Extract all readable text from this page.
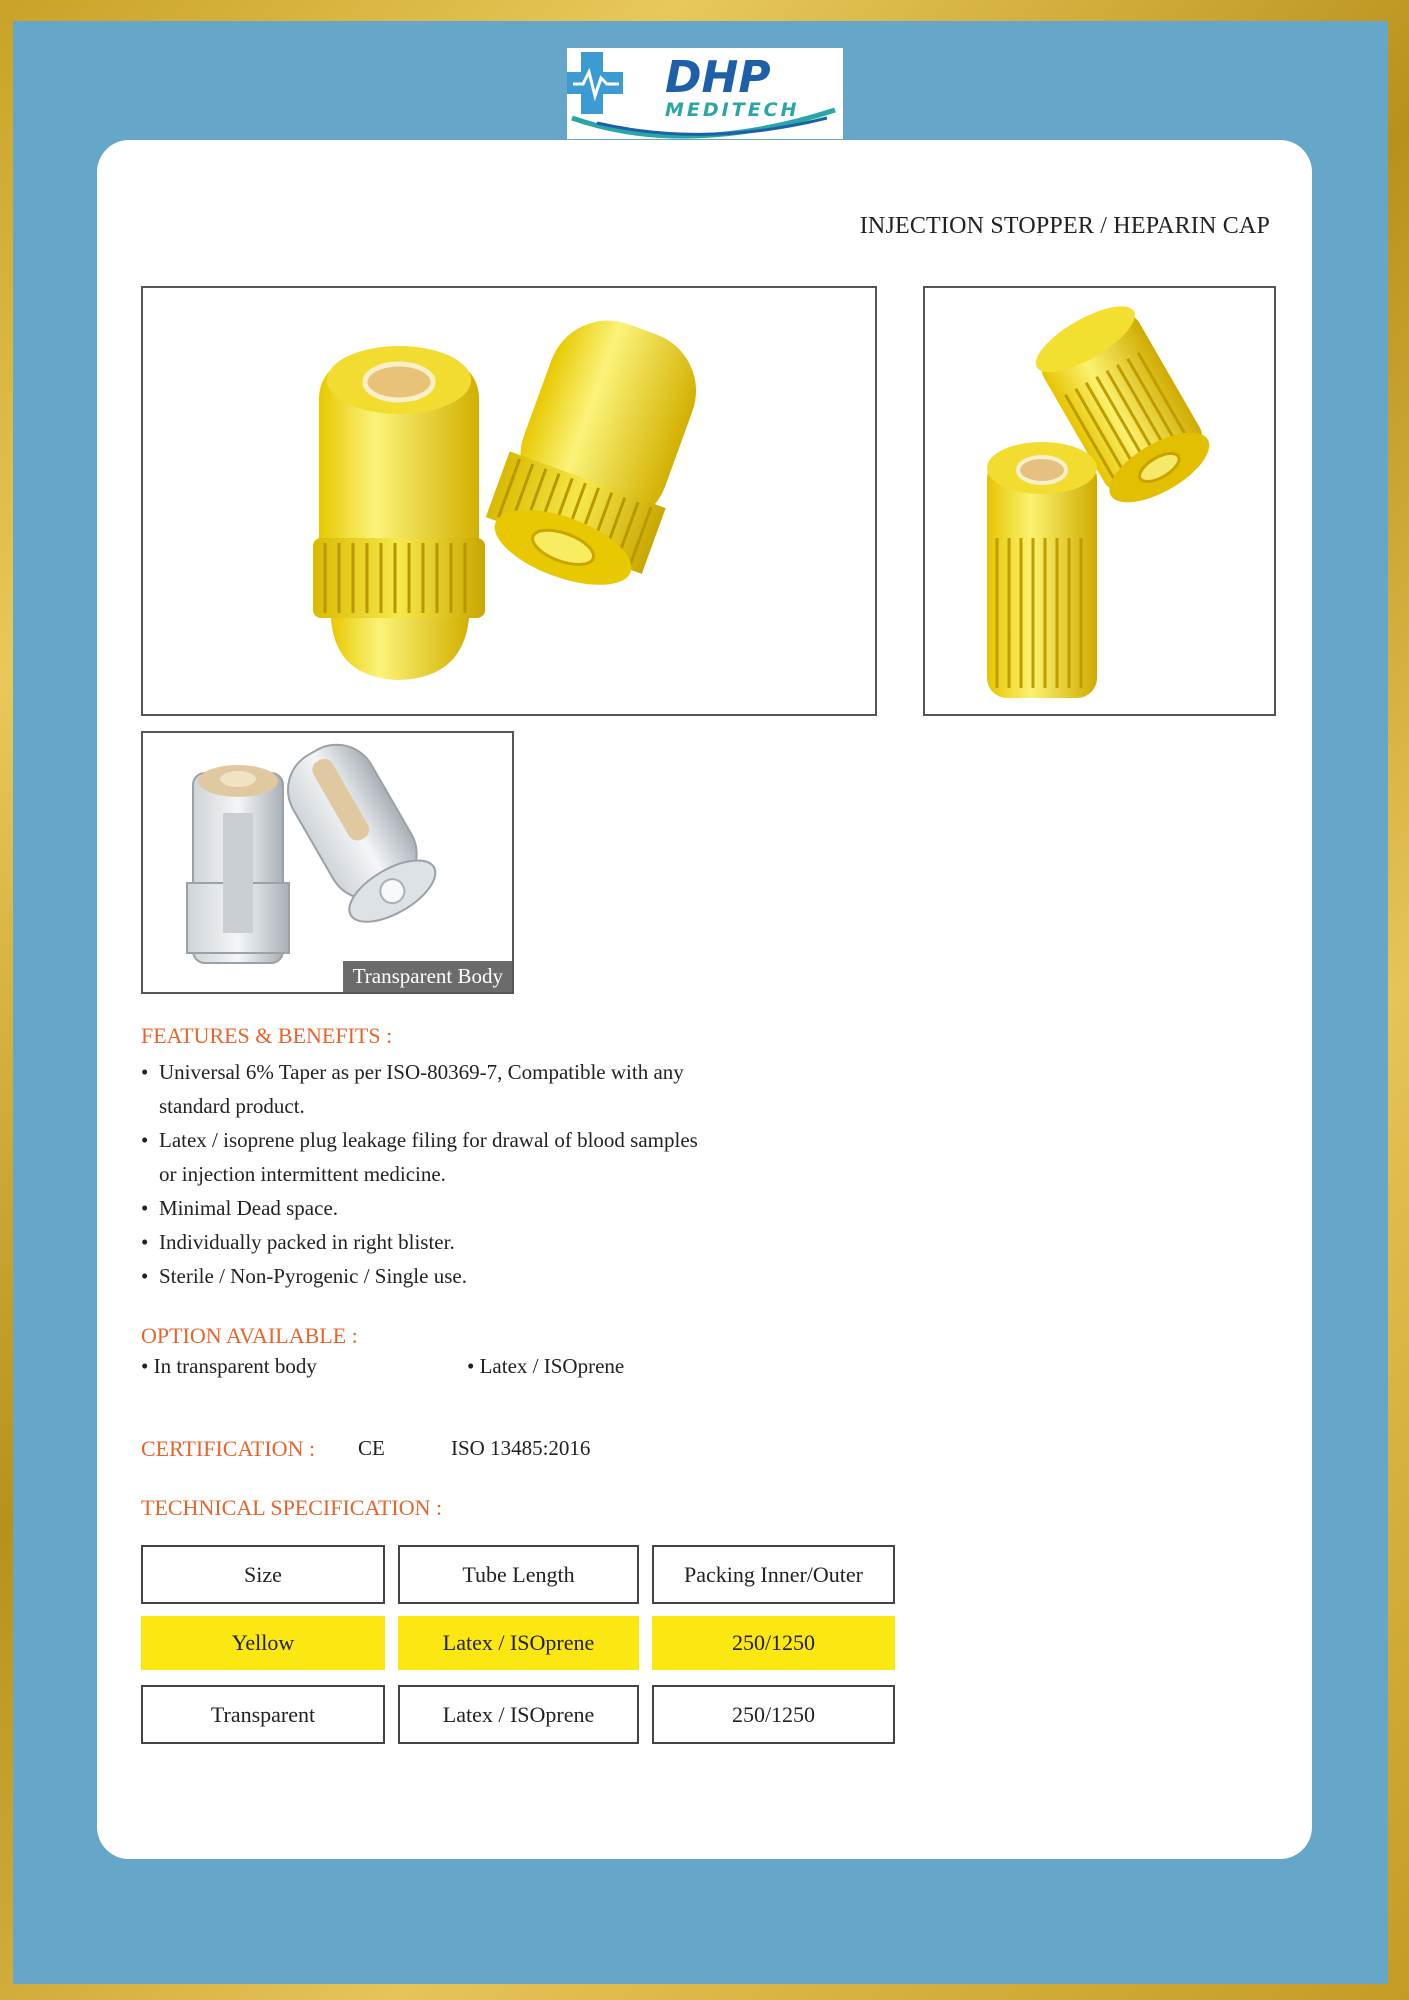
DHP
MEDITECH
INJECTION STOPPER / HEPARIN CAP
Transparent Body
FEATURES & BENEFITS :
• Universal 6% Taper as per ISO-80369-7, Compatible with any
standard product.
• Latex / isoprene plug leakage filing for drawal of blood samples
or injection intermittent medicine.
• Minimal Dead space.
• Individually packed in right blister.
• Sterile / Non-Pyrogenic / Single use.
OPTION AVAILABLE :
• In transparent body
•	Latex / ISOprene
CERTIFICATION : CE	ISO 13485:2016
TECHNICAL SPECIFICATION :
Size	Tube Length	Packing Inner/Outer
Yellow	Latex / ISOprene	250/1250
Transparent	Latex / ISOprene	250/1250
